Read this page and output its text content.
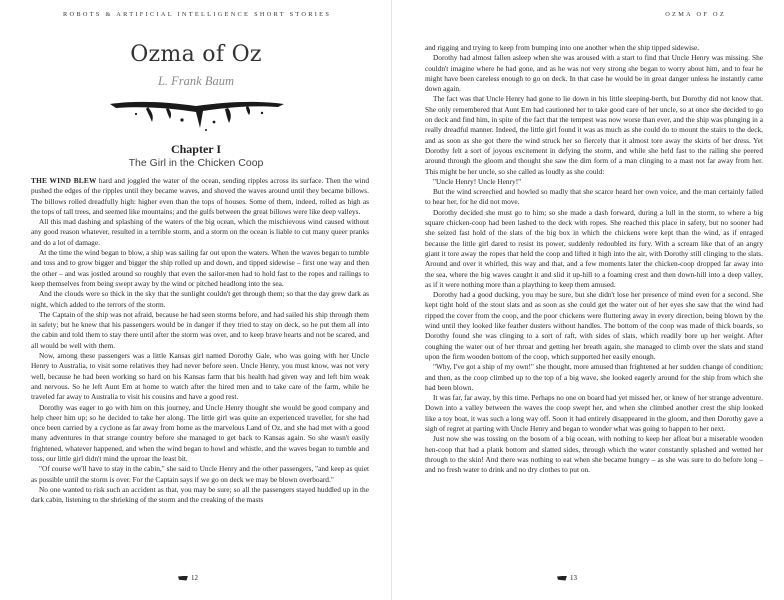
ROBOTS & ARTIFICIAL INTELLIGENCE SHORT STORIES
Ozma of Oz
L. Frank Baum
Chapter I
The Girl in the Chicken Coop

THE WIND BLEW hard and joggled the water of the ocean, sending ripples across its surface. Then the wind pushed the edges of the ripples until they became waves, and shoved the waves around until they became billows. The billows rolled dreadfully high: higher even than the tops of houses. Some of them, indeed, rolled as high as the tops of tall trees, and seemed like mountains; and the gulfs between the great billows were like deep valleys.

All this mad dashing and splashing of the waters of the big ocean, which the mischievous wind caused without any good reason whatever, resulted in a terrible storm, and a storm on the ocean is liable to cut many queer pranks and do a lot of damage.

At the time the wind began to blow, a ship was sailing far out upon the waters. When the waves began to tumble and toss and to grow bigger and bigger the ship rolled up and down, and tipped sidewise – first one way and then the other – and was jostled around so roughly that even the sailor-men had to hold fast to the ropes and railings to keep themselves from being swept away by the wind or pitched headlong into the sea.

And the clouds were so thick in the sky that the sunlight couldn't get through them; so that the day grew dark as night, which added to the terrors of the storm.

The Captain of the ship was not afraid, because he had seen storms before, and had sailed his ship through them in safety; but he knew that his passengers would be in danger if they tried to stay on deck, so he put them all into the cabin and told them to stay there until after the storm was over, and to keep brave hearts and not be scared, and all would be well with them.

Now, among these passengers was a little Kansas girl named Dorothy Gale, who was going with her Uncle Henry to Australia, to visit some relatives they had never before seen. Uncle Henry, you must know, was not very well, because he had been working so hard on his Kansas farm that his health had given way and left him weak and nervous. So he left Aunt Em at home to watch after the hired men and to take care of the farm, while he traveled far away to Australia to visit his cousins and have a good rest.

Dorothy was eager to go with him on this journey, and Uncle Henry thought she would be good company and help cheer him up; so he decided to take her along. The little girl was quite an experienced traveller, for she had once been carried by a cyclone as far away from home as the marvelous Land of Oz, and she had met with a good many adventures in that strange country before she managed to get back to Kansas again. So she wasn't easily frightened, whatever happened, and when the wind began to howl and whistle, and the waves began to tumble and toss, our little girl didn't mind the uproar the least bit.

"Of course we'll have to stay in the cabin," she said to Uncle Henry and the other passengers, "and keep as quiet as possible until the storm is over. For the Captain says if we go on deck we may be blown overboard."

No one wanted to risk such an accident as that, you may be sure; so all the passengers stayed huddled up in the dark cabin, listening to the shrieking of the storm and the creaking of the masts

12
OZMA OF OZ

and rigging and trying to keep from bumping into one another when the ship tipped sidewise.

Dorothy had almost fallen asleep when she was aroused with a start to find that Uncle Henry was missing. She couldn't imagine where he had gone, and as he was not very strong she began to worry about him, and to fear he might have been careless enough to go on deck. In that case he would be in great danger unless he instantly came down again.

The fact was that Uncle Henry had gone to lie down in his little sleeping-berth, but Dorothy did not know that. She only remembered that Aunt Em had cautioned her to take good care of her uncle, so at once she decided to go on deck and find him, in spite of the fact that the tempest was now worse than ever, and the ship was plunging in a really dreadful manner. Indeed, the little girl found it was as much as she could do to mount the stairs to the deck, and as soon as she got there the wind struck her so fiercely that it almost tore away the skirts of her dress. Yet Dorothy felt a sort of joyous excitement in defying the storm, and while she held fast to the railing she peered around through the gloom and thought she saw the dim form of a man clinging to a mast not far away from her. This might be her uncle, so she called as loudly as she could:

"Uncle Henry! Uncle Henry!"

But the wind screeched and howled so madly that she scarce heard her own voice, and the man certainly failed to hear her, for he did not move.

Dorothy decided she must go to him; so she made a dash forward, during a lull in the storm, to where a big square chicken-coop had been lashed to the deck with ropes. She reached this place in safety, but no sooner had she seized fast hold of the slats of the big box in which the chickens were kept than the wind, as if enraged because the little girl dared to resist its power, suddenly redoubled its fury. With a scream like that of an angry giant it tore away the ropes that held the coop and lifted it high into the air, with Dorothy still clinging to the slats. Around and over it whirled, this way and that, and a few moments later the chicken-coop dropped far away into the sea, where the big waves caught it and slid it up-hill to a foaming crest and then down-hill into a deep valley, as if it were nothing more than a plaything to keep them amused.

Dorothy had a good ducking, you may be sure, but she didn't lose her presence of mind even for a second. She kept tight hold of the stout slats and as soon as she could get the water out of her eyes she saw that the wind had ripped the cover from the coop, and the poor chickens were fluttering away in every direction, being blown by the wind until they looked like feather dusters without handles. The bottom of the coop was made of thick boards, so Dorothy found she was clinging to a sort of raft, with sides of slats, which readily bore up her weight. After coughing the water out of her throat and getting her breath again, she managed to climb over the slats and stand upon the firm wooden bottom of the coop, which supported her easily enough.

"Why, I've got a ship of my own!" she thought, more amused than frightened at her sudden change of condition; and then, as the coop climbed up to the top of a big wave, she looked eagerly around for the ship from which she had been blown.

It was far, far away, by this time. Perhaps no one on board had yet missed her, or knew of her strange adventure. Down into a valley between the waves the coop swept her, and when she climbed another crest the ship looked like a toy boat, it was such a long way off. Soon it had entirely disappeared in the gloom, and then Dorothy gave a sigh of regret at parting with Uncle Henry and began to wonder what was going to happen to her next.

Just now she was tossing on the bosom of a big ocean, with nothing to keep her afloat but a miserable wooden hen-coop that had a plank bottom and slatted sides, through which the water constantly splashed and wetted her through to the skin! And there was nothing to eat when she became hungry – as she was sure to do before long – and no fresh water to drink and no dry clothes to put on.

13
